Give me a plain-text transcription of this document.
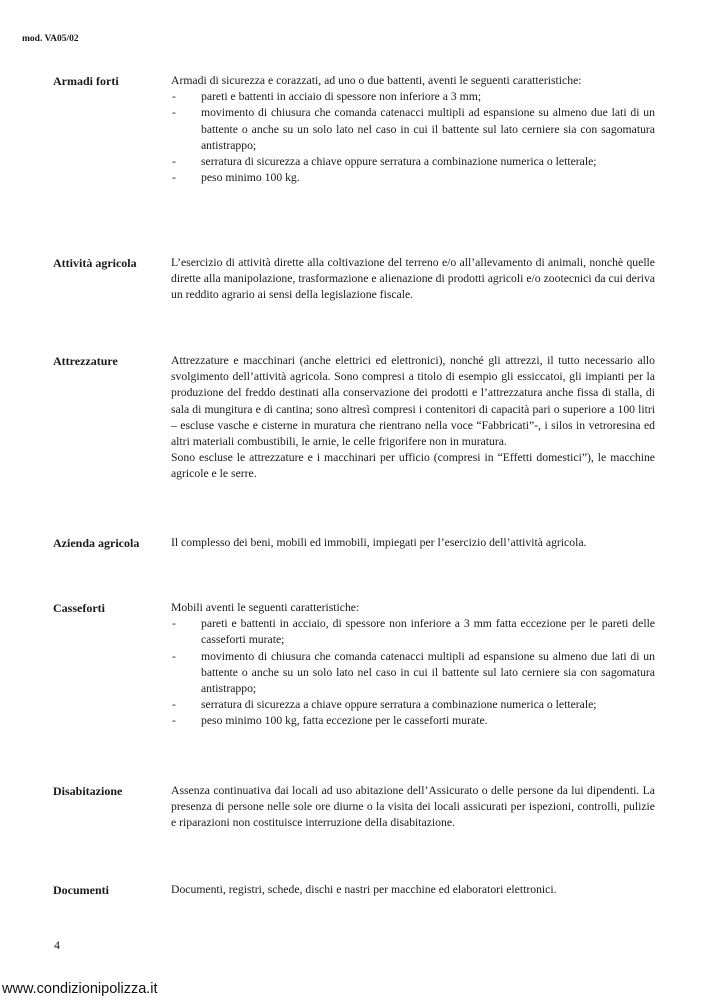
mod. VA05/02
Armadi forti	Armadi di sicurezza e corazzati, ad uno o due battenti, aventi le seguenti caratteristiche:

- pareti e battenti in acciaio di spessore non inferiore a 3 mm;
- movimento di chiusura che comanda catenacci multipli ad espansione su almeno due lati di un battente o anche su un solo lato nel caso in cui il battente sul lato cerniere sia con sagomatura antistrappo;
- serratura di sicurezza a chiave oppure serratura a combinazione numerica o letterale;
- peso minimo 100 kg.
Attività agricola	L’esercizio di attività dirette alla coltivazione del terreno e/o all’allevamento di animali, nonchè quelle dirette alla manipolazione, trasformazione e alienazione di prodotti agricoli e/o zootecnici da cui deriva un reddito agrario ai sensi della legislazione fiscale.

Attrezzature	Attrezzature e macchinari (anche elettrici ed elettronici), nonché gli attrezzi, il tutto necessario allo svolgimento dell’attività agricola. Sono compresi a titolo di esempio gli essiccatoi, gli impianti per la produzione del freddo destinati alla conservazione dei prodotti e l’attrezzatura anche fissa di stalla, di sala di mungitura e di cantina; sono altresì compresi i contenitori di capacità pari o superiore a 100 litri – escluse vasche e cisterne in muratura che rientrano nella voce “Fabbricati”-, i silos in vetroresina ed altri materiali combustibili, le arnie, le celle frigorifere non in muratura.

Sono escluse le attrezzature e i macchinari per ufficio (compresi in “Effetti domestici”), le macchine agricole e le serre.

Azienda agricola	Il complesso dei beni, mobili ed immobili, impiegati per l’esercizio dell’attività agricola.

Casseforti	Mobili aventi le seguenti caratteristiche:

- pareti e battenti in acciaio, di spessore non inferiore a 3 mm fatta eccezione per le pareti delle casseforti murate;
- movimento di chiusura che comanda catenacci multipli ad espansione su almeno due lati di un battente o anche su un solo lato nel caso in cui il battente sul lato cerniere sia con sagomatura antistrappo;
- serratura di sicurezza a chiave oppure serratura a combinazione numerica o letterale;
- peso minimo 100 kg, fatta eccezione per le casseforti murate.
Disabitazione	Assenza continuativa dai locali ad uso abitazione dell’Assicurato o delle persone da lui dipendenti. La presenza di persone nelle sole ore diurne o la visita dei locali assicurati per ispezioni, controlli, pulizie e riparazioni non costituisce interruzione della disabitazione.

Documenti	Documenti, registri, schede, dischi e nastri per macchine ed elaboratori elettronici.

4
www.condizionipolizza.it
